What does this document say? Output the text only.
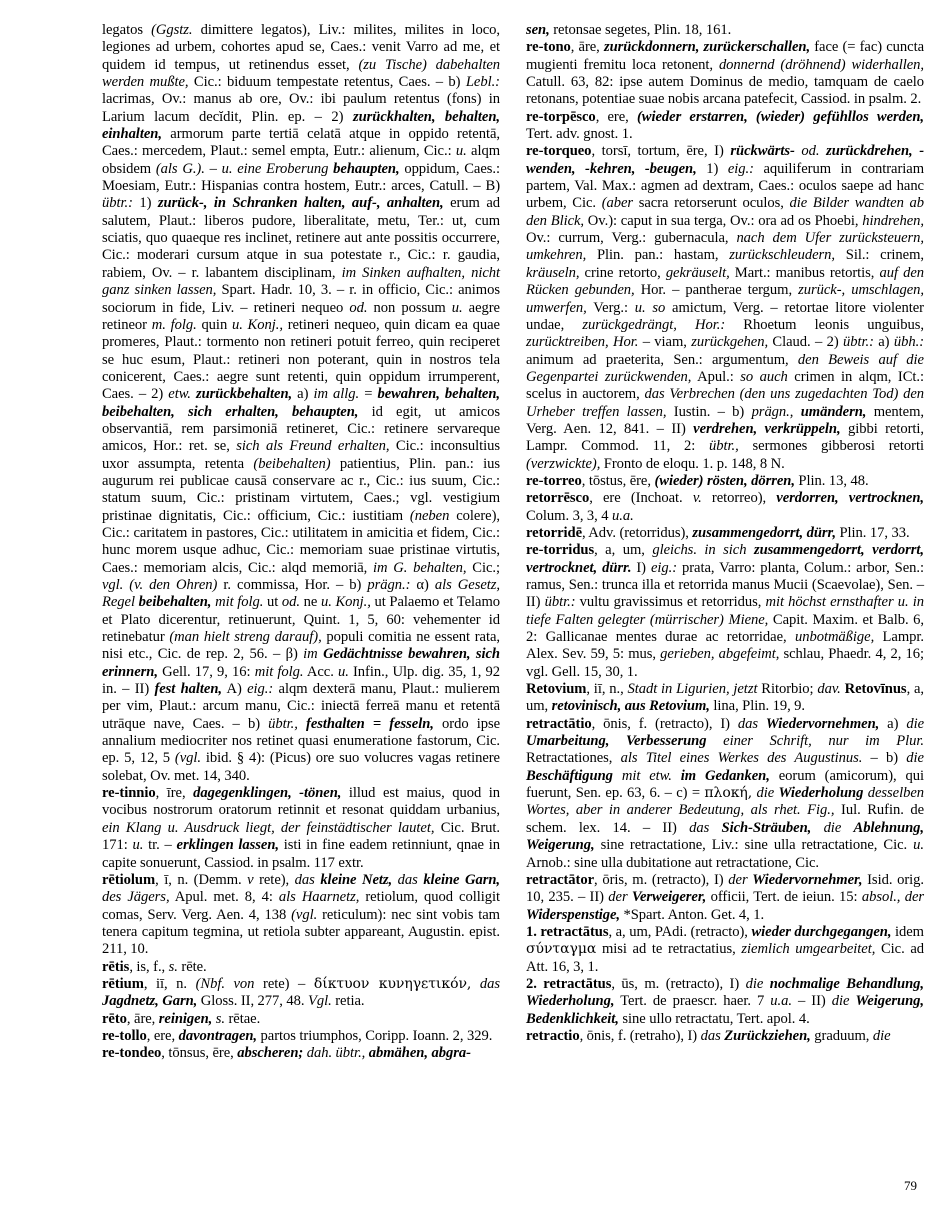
legatos (Ggstz. dimittere legatos), Liv.: milites, milites in loco, legiones ad urbem, cohortes apud se, Caes.: venit Varro ad me, et quidem id tempus, ut retinendus esset, (zu Tische) dabehalten werden mußte, Cic.: biduum tempestate retentus, Caes. – b) Lebl.: lacrimas, Ov.: manus ab ore, Ov.: ibi paulum retentus (fons) in Larium lacum decĭdit, Plin. ep. – 2) zurückhalten, behalten, einhalten, armorum parte tertiā celatā atque in oppido retentā, Caes.: mercedem, Plaut.: semel empta, Eutr.: alienum, Cic.: u. alqm obsidem (als G.). – u. eine Eroberung behaupten, oppidum, Caes.: Moesiam, Eutr.: Hispanias contra hostem, Eutr.: arces, Catull. – B) übtr.: 1) zurück-, in Schranken halten, auf-, anhalten, erum ad salutem, Plaut.: liberos pudore, liberalitate, metu, Ter.: ut, cum sciatis, quo quaeque res inclinet, retinere aut ante possitis occurrere, Cic.: moderari cursum atque in sua potestate r., Cic.: r. gaudia, rabiem, Ov. – r. labantem disciplinam, im Sinken aufhalten, nicht ganz sinken lassen, Spart. Hadr. 10, 3. – r. in officio, Cic.: animos sociorum in fide, Liv. – retineri nequeo od. non possum u. aegre retineor m. folg. quin u. Konj., retineri nequeo, quin dicam ea quae promeres, Plaut.: tormento non retineri potuit ferreo, quin reciperet se huc esum, Plaut.: retineri non poterant, quin in nostros tela conicerent, Caes.: aegre sunt retenti, quin oppidum irrumperent, Caes. – 2) etw. zurückbehalten, a) im allg. = bewahren, behalten, beibehalten, sich erhalten, behaupten, id egit, ut amicos observantiā, rem parsimoniā retineret, Cic.: retinere servareque amicos, Hor.: ret. se, sich als Freund erhalten, Cic.: inconsultius uxor assumpta, retenta (beibehalten) patientius, Plin. pan.: ius augurum rei publicae causā conservare ac r., Cic.: ius suum, Cic.: statum suum, Cic.: pristinam virtutem, Caes.; vgl. vestigium pristinae dignitatis, Cic.: officium, Cic.: iustitiam (neben colere), Cic.: caritatem in pastores, Cic.: utilitatem in amicitia et fidem, Cic.: hunc morem usque adhuc, Cic.: memoriam suae pristinae virtutis, Caes.: memoriam alcis, Cic.: alqd memoriā, im G. behalten, Cic.; vgl. (v. den Ohren) r. commissa, Hor. – b) prägn.: α) als Gesetz, Regel beibehalten, mit folg. ut od. ne u. Konj., ut Palaemo et Telamo et Plato dicerentur, retinuerunt, Quint. 1, 5, 60: vehementer id retinebatur (man hielt streng darauf), populi comitia ne essent rata, nisi etc., Cic. de rep. 2, 56. – β) im Gedächtnisse bewahren, sich erinnern, Gell. 17, 9, 16: mit folg. Acc. u. Infin., Ulp. dig. 35, 1, 92 in. – II) fest halten, A) eig.: alqm dexterā manu, Plaut.: mulierem per vim, Plaut.: arcum manu, Cic.: iniectā ferreā manu et retentā utrāque nave, Caes. – b) übtr., festhalten = fesseln, ordo ipse annalium mediocriter nos retinet quasi enumeratione fastorum, Cic. ep. 5, 12, 5 (vgl. ibid. § 4): (Picus) ore suo volucres vagas retinere solebat, Ov. met. 14, 340.

re-tinnio, īre, dagegenklingen, -tönen, illud est maius, quod in vocibus nostrorum oratorum retinnit et resonat quiddam urbanius, ein Klang u. Ausdruck liegt, der feinstädtischer lautet, Cic. Brut. 171: u. tr. – erklingen lassen, isti in fine eadem retinniunt, qnae in capite sonuerunt, Cassiod. in psalm. 117 extr.

rētiolum, ī, n. (Demm. v rete), das kleine Netz, das kleine Garn, des Jägers, Apul. met. 8, 4: als Haarnetz, retiolum, quod colligit comas, Serv. Verg. Aen. 4, 138 (vgl. reticulum): nec sint vobis tam tenera capitum tegmina, ut retiola subter appareant, Augustin. epist. 211, 10.

rētis, is, f., s. rēte.

rētium, iī, n. (Nbf. von rete) – δίκτυον κυνηγετικόν, das Jagdnetz, Garn, Gloss. II, 277, 48. Vgl. retia.

rēto, āre, reinigen, s. rētae.

re-tollo, ere, davontragen, partos triumphos, Coripp. Ioann. 2, 329.

re-tondeo, tōnsus, ēre, abscheren; dah. übtr., abmähen, abgra-

sen, retonsae segetes, Plin. 18, 161.

re-tono, āre, zurückdonnern, zurückerschallen, face (= fac) cuncta mugienti fremitu loca retonent, donnernd (dröhnend) widerhallen, Catull. 63, 82: ipse autem Dominus de medio, tamquam de caelo retonans, potentiae suae nobis arcana patefecit, Cassiod. in psalm. 2.

re-torpēsco, ere, (wieder erstarren, (wieder) gefühllos werden, Tert. adv. gnost. 1.

re-torqueo, torsī, tortum, ēre, I) rückwärts- od. zurückdrehen, -wenden, -kehren, -beugen, 1) eig.: aquiliferum in contrariam partem, Val. Max.: agmen ad dextram, Caes.: oculos saepe ad hanc urbem, Cic. (aber sacra retorserunt oculos, die Bilder wandten ab den Blick, Ov.): caput in sua terga, Ov.: ora ad os Phoebi, hindrehen, Ov.: currum, Verg.: gubernacula, nach dem Ufer zurücksteuern, umkehren, Plin. pan.: hastam, zurückschleudern, Sil.: crinem, kräuseln, crine retorto, gekräuselt, Mart.: manibus retortis, auf den Rücken gebunden, Hor. – pantherae tergum, zurück-, umschlagen, umwerfen, Verg.: u. so amictum, Verg. – retortae litore violenter undae, zurückgedrängt, Hor.: Rhoetum leonis unguibus, zurücktreiben, Hor. – viam, zurückgehen, Claud. – 2) übtr.: a) übh.: animum ad praeterita, Sen.: argumentum, den Beweis auf die Gegenpartei zurückwenden, Apul.: so auch crimen in alqm, ICt.: scelus in auctorem, das Verbrechen (den uns zugedachten Tod) den Urheber treffen lassen, Iustin. – b) prägn., umändern, mentem, Verg. Aen. 12, 841. – II) verdrehen, verkrüppeln, gibbi retorti, Lampr. Commod. 11, 2: übtr., sermones gibberosi retorti (verzwickte), Fronto de eloqu. 1. p. 148, 8 N.

re-torreo, tōstus, ēre, (wieder) rösten, dörren, Plin. 13, 48.

retorrēsco, ere (Inchoat. v. retorreo), verdorren, vertrocknen, Colum. 3, 3, 4 u.a.

retorridē, Adv. (retorridus), zusammengedorrt, dürr, Plin. 17, 33.

re-torridus, a, um, gleichs. in sich zusammengedorrt, verdorrt, vertrocknet, dürr. I) eig.: prata, Varro: planta, Colum.: arbor, Sen.: ramus, Sen.: trunca illa et retorrida manus Mucii (Scaevolae), Sen. – II) übtr.: vultu gravissimus et retorridus, mit höchst ernsthafter u. in tiefe Falten gelegter (mürrischer) Miene, Capit. Maxim. et Balb. 6, 2: Gallicanae mentes durae ac retorridae, unbotmäßige, Lampr. Alex. Sev. 59, 5: mus, gerieben, abgefeimt, schlau, Phaedr. 4, 2, 16; vgl. Gell. 15, 30, 1.

Retovium, iī, n., Stadt in Ligurien, jetzt Ritorbio; dav. Retovīnus, a, um, retovinisch, aus Retovium, lina, Plin. 19, 9.

retractātio, ōnis, f. (retracto), I) das Wiedervornehmen, a) die Umarbeitung, Verbesserung einer Schrift, nur im Plur. Retractationes, als Titel eines Werkes des Augustinus. – b) die Beschäftigung mit etw. im Gedanken, eorum (amicorum), qui fuerunt, Sen. ep. 63, 6. – c) = πλοκή, die Wiederholung desselben Wortes, aber in anderer Bedeutung, als rhet. Fig., Iul. Rufin. de schem. lex. 14. – II) das Sich-Sträuben, die Ablehnung, Weigerung, sine retractatione, Liv.: sine ulla retractatione, Cic. u. Arnob.: sine ulla dubitatione aut retractatione, Cic.

retractātor, ōris, m. (retracto), I) der Wiedervornehmer, Isid. orig. 10, 235. – II) der Verweigerer, officii, Tert. de ieiun. 15: absol., der Widerspenstige, *Spart. Anton. Get. 4, 1.

1. retractātus, a, um, PAdi. (retracto), wieder durchgegangen, idem σύνταγμα misi ad te retractatius, ziemlich umgearbeitet, Cic. ad Att. 16, 3, 1.

2. retractātus, ūs, m. (retracto), I) die nochmalige Behandlung, Wiederholung, Tert. de praescr. haer. 7 u.a. – II) die Weigerung, Bedenklichkeit, sine ullo retractatu, Tert. apol. 4.

retractio, ōnis, f. (retraho), I) das Zurückziehen, graduum, die

79
